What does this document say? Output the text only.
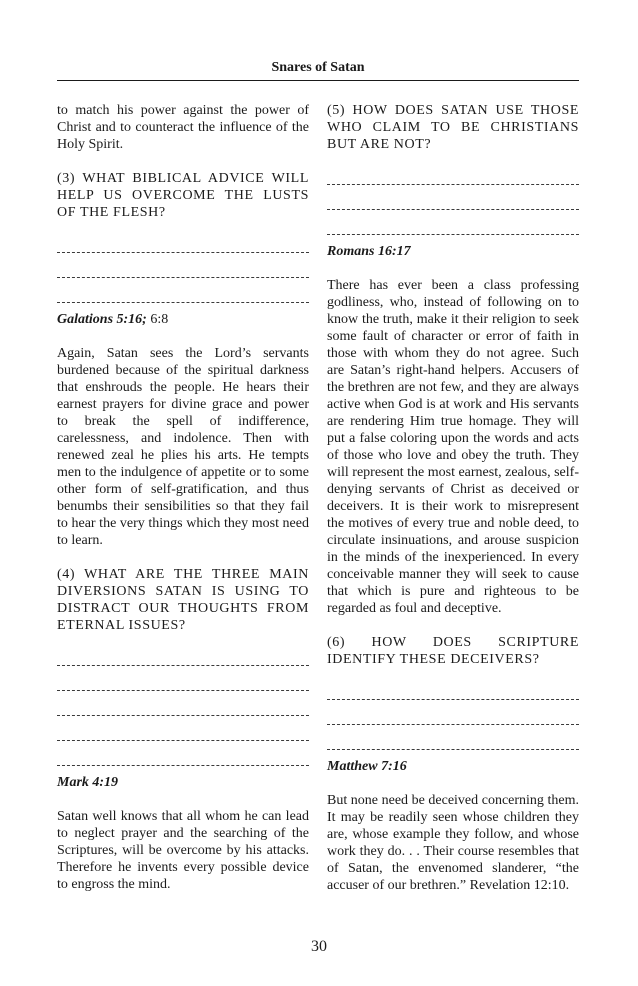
Snares of Satan
to match his power against the power of Christ and to counteract the influence of the Holy Spirit.
(3) WHAT BIBLICAL ADVICE WILL HELP US OVERCOME THE LUSTS OF THE FLESH?
Galations 5:16; 6:8
Again, Satan sees the Lord’s servants burdened because of the spiritual darkness that enshrouds the people. He hears their earnest prayers for divine grace and power to break the spell of indifference, carelessness, and indolence. Then with renewed zeal he plies his arts. He tempts men to the indulgence of appetite or to some other form of self-gratification, and thus benumbs their sensibilities so that they fail to hear the very things which they most need to learn.
(4) WHAT ARE THE THREE MAIN DIVERSIONS SATAN IS USING TO DISTRACT OUR THOUGHTS FROM ETERNAL ISSUES?
Mark 4:19
Satan well knows that all whom he can lead to neglect prayer and the searching of the Scriptures, will be overcome by his attacks. Therefore he invents every possible device to engross the mind.
(5) HOW DOES SATAN USE THOSE WHO CLAIM TO BE CHRISTIANS BUT ARE NOT?
Romans 16:17
There has ever been a class professing godliness, who, instead of following on to know the truth, make it their religion to seek some fault of character or error of faith in those with whom they do not agree. Such are Satan’s right-hand helpers. Accusers of the brethren are not few, and they are always active when God is at work and His servants are rendering Him true homage. They will put a false coloring upon the words and acts of those who love and obey the truth. They will represent the most earnest, zealous, self-denying servants of Christ as deceived or deceivers. It is their work to misrepresent the motives of every true and noble deed, to circulate insinuations, and arouse suspicion in the minds of the inexperienced. In every conceivable manner they will seek to cause that which is pure and righteous to be regarded as foul and deceptive.
(6) HOW DOES SCRIPTURE IDENTIFY THESE DECEIVERS?
Matthew 7:16
But none need be deceived concerning them. It may be readily seen whose children they are, whose example they follow, and whose work they do. . . Their course resembles that of Satan, the envenomed slanderer, “the accuser of our brethren.” Revelation 12:10.
30
